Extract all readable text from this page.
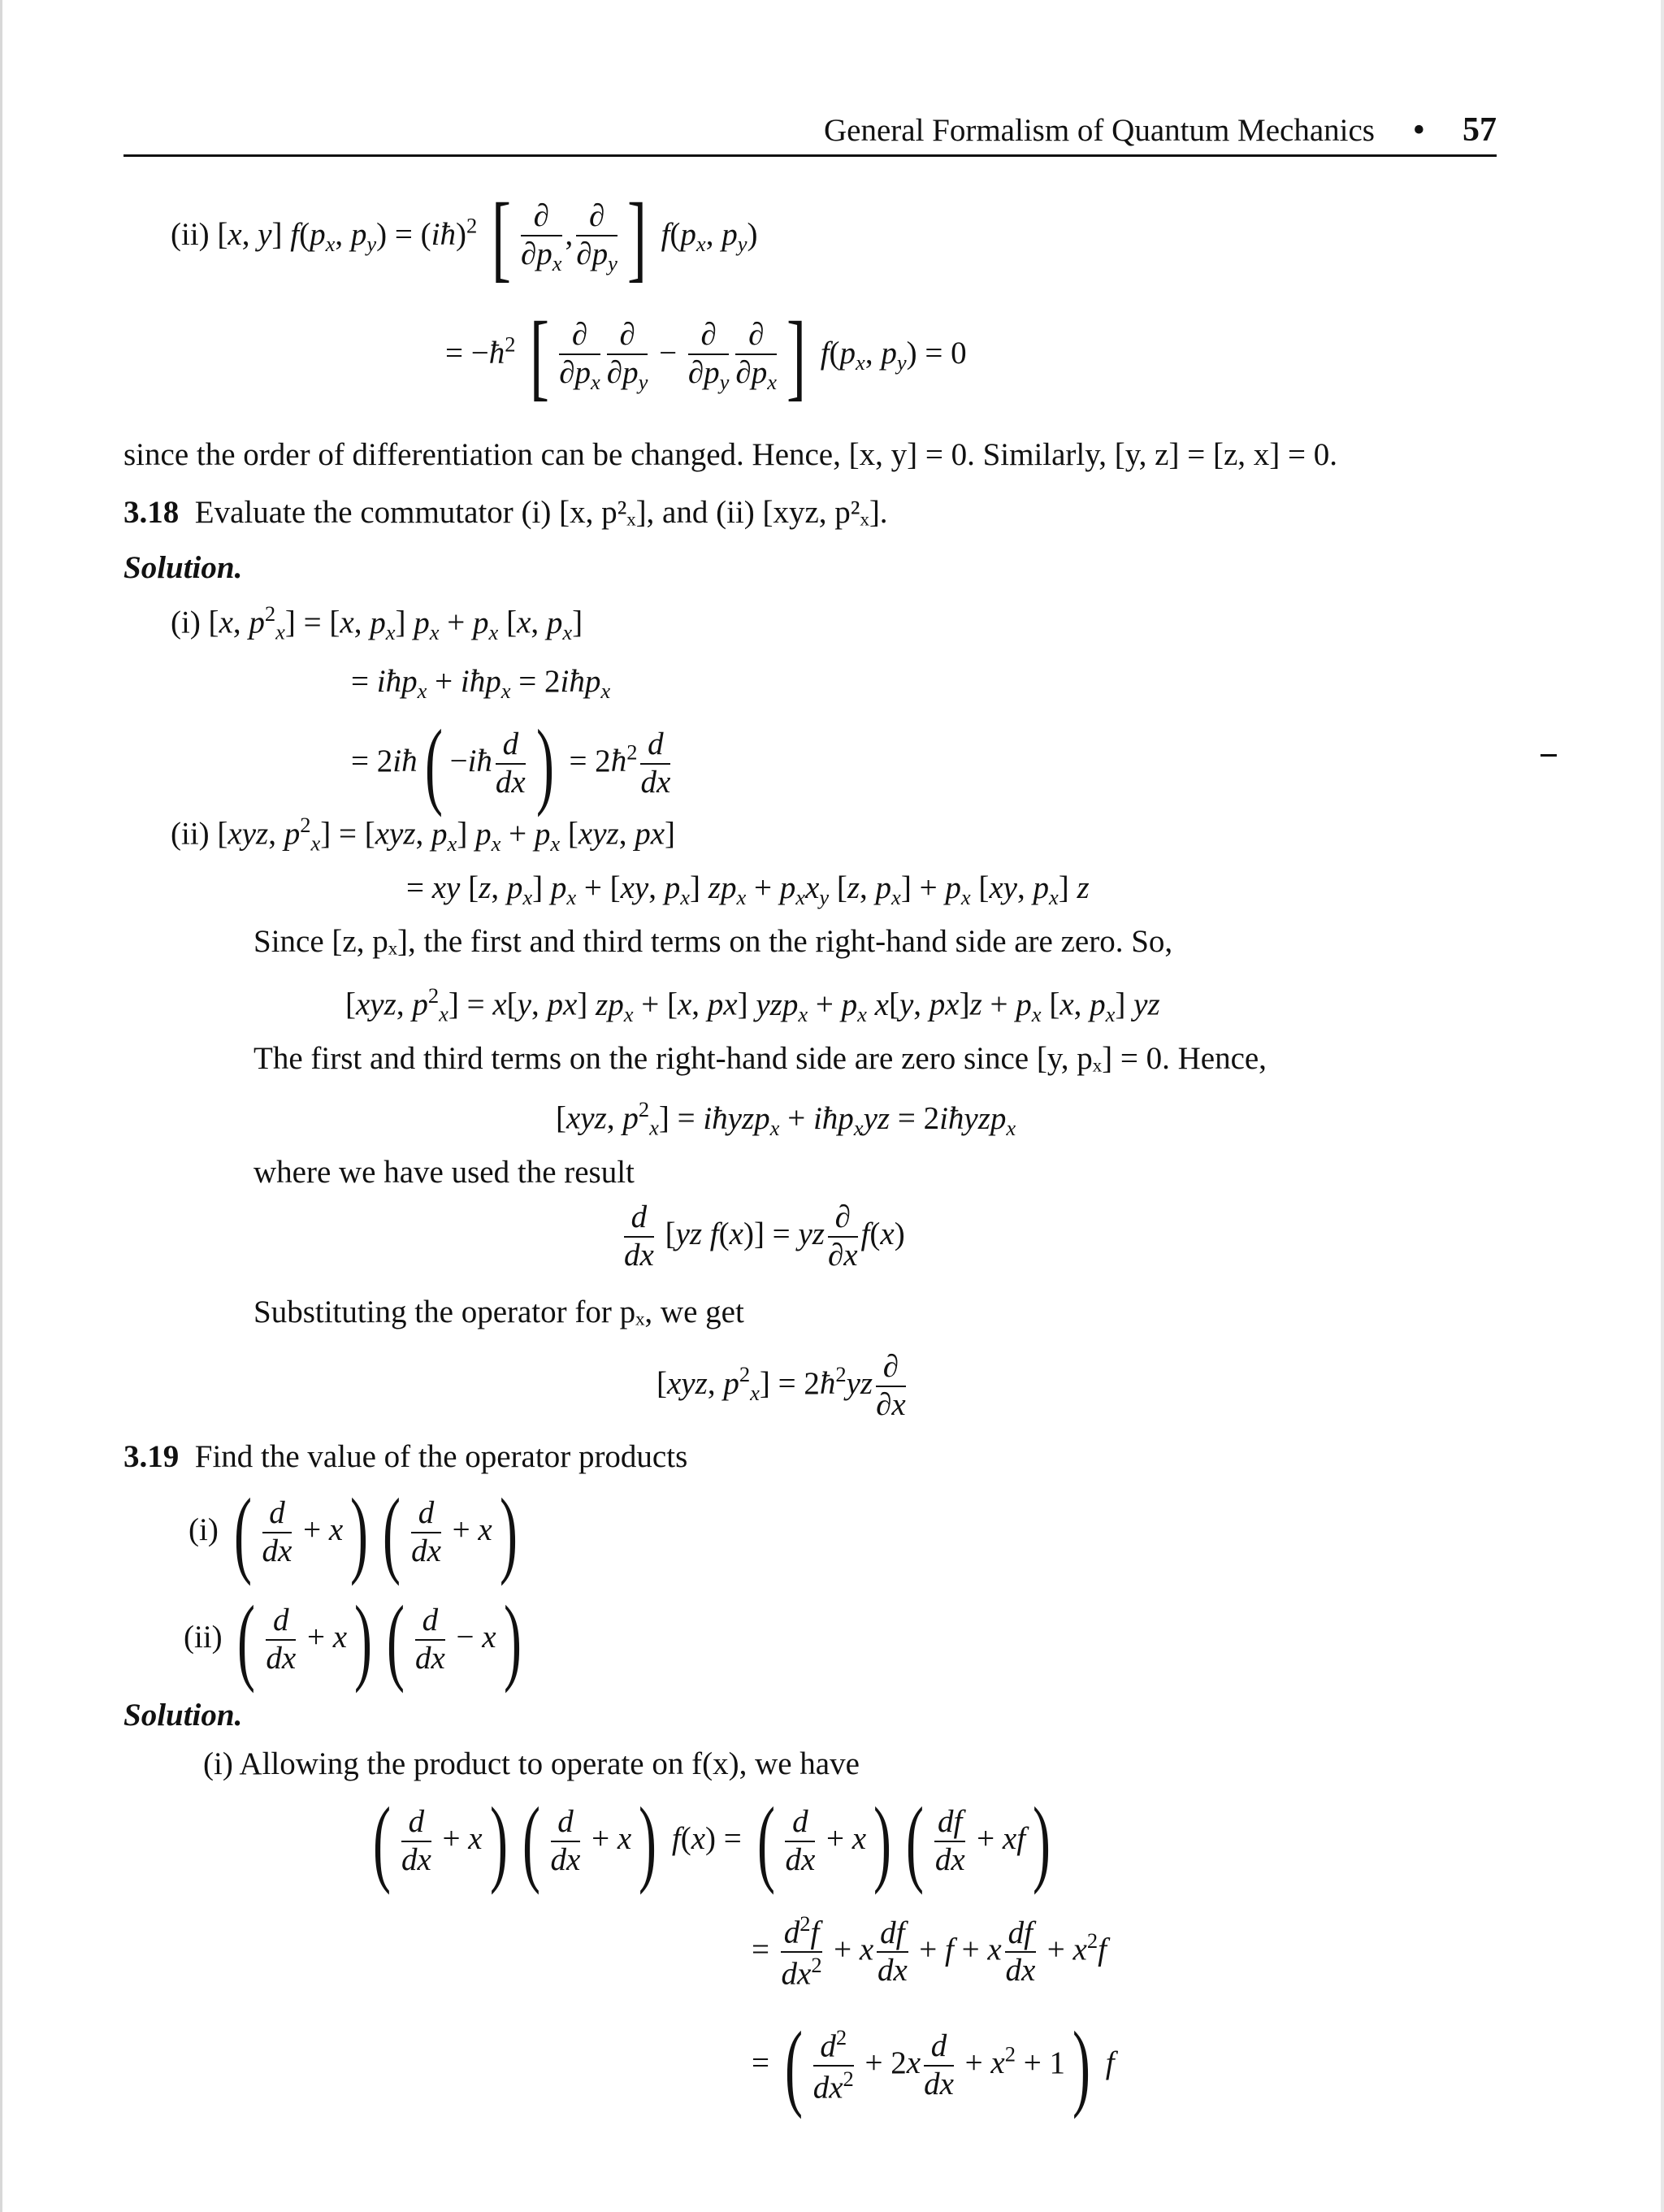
General Formalism of Quantum Mechanics • 57
(ii) [x, y] $f(p_x$, $p_y$) = (iħ)$^2$ [ $\frac{\partial}{\partial p_x}$ , $\frac{\partial}{\partial p_y}$ ] $f(p_x$, $p_y$)
= $-ħ^2$ [ $\frac{\partial}{\partial p_x} \frac{\partial}{\partial p_y} - \frac{\partial}{\partial p_y} \frac{\partial}{\partial p_x}$ ] $f(p_x$, $p_y) = 0$
since the order of differentiation can be changed. Hence, [x, y] = 0. Similarly, [y, z] = [z, x] = 0.
3.18 Evaluate the commutator (i) [x, p²ₓ], and (ii) [xyz, p²ₓ].
Solution.
(i) [x, $p^2_x] = [x$, $p_x$] $p_x + p_x$ [x, $p_x$]
= iħp$_x$ + iħp$_x$ = 2iħp$_x$
= 2iħ( −iħ $\frac{d}{dx}$ ) = $2ħ^2 \frac{d}{dx}$
(ii) [xyz, $p^2_x] = [xyz$, $p_x$] $p_x + p_x$ [xyz, px]
= xy [z, $p_x$] $p_x + [xy$, $p_x$] $zp_x + p_xx_y$ [z, $p_x] + p_x$ [xy, $p_x$] z
Since [z, pₓ], the first and third terms on the right-hand side are zero. So,
[xyz, $p^2_x] = x[y$, px] $zp_x + [x$, px] $yzp_x + p_x$ x[y, $px]z + p_x$ [x, $p_x$] yz
The first and third terms on the right-hand side are zero since [y, pₓ] = 0. Hence,
[xyz, $p^2_x$] = iħyzp$_x$ + iħp$_x$yz = 2iħyzp$_x$
where we have used the result
$\frac{d}{dx} [yz$ f(x)] = yz $\frac{\partial}{\partial x} f(x)$
Substituting the operator for pₓ, we get
[xyz, $p^2_x$] = $2ħ^2yz \frac{\partial}{\partial x}$
3.19 Find the value of the operator products
(i) ( $\frac{d}{dx} + x$) ( $\frac{d}{dx} + x$)
(ii) ( $\frac{d}{dx} + x$) ( $\frac{d}{dx} - x$)
Solution.
(i) Allowing the product to operate on f(x), we have
( $\frac{d}{dx} + x$) ( $\frac{d}{dx} + x$) f(x) = ( $\frac{d}{dx} + x$) ( $\frac{df}{dx} + xf$)
= $\frac{d^2f}{dx^2} + x \frac{df}{dx} + f + x \frac{df}{dx} + x^2f$
= ( $\frac{d^2}{dx^2} + 2x \frac{d}{dx} + x^2 + 1$) f
